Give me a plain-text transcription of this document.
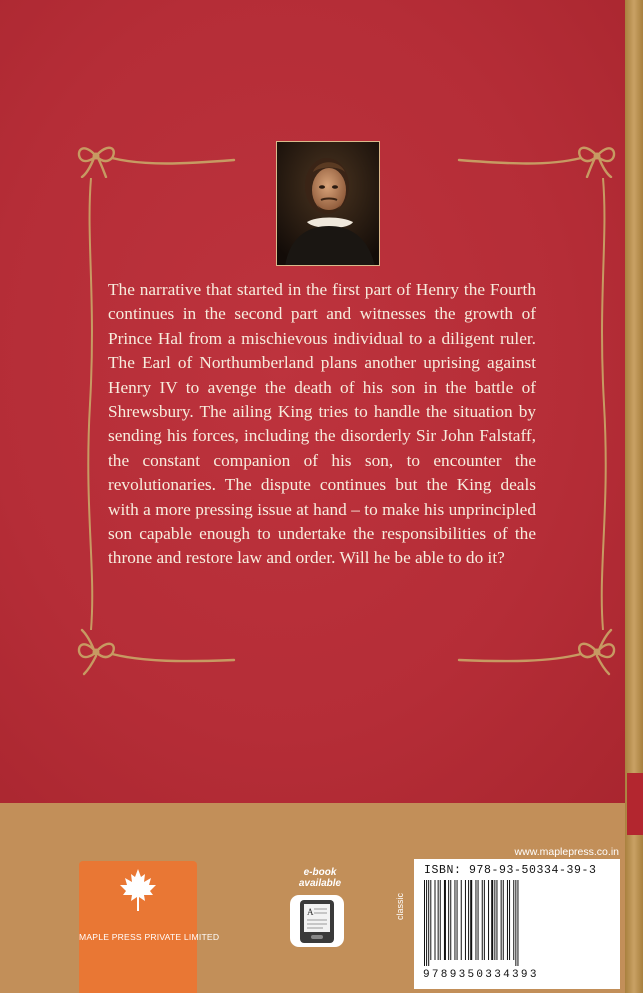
The narrative that started in the first part of Henry the Fourth continues in the second part and witnesses the growth of Prince Hal from a mischievous individual to a diligent ruler. The Earl of Northumberland plans another uprising against Henry IV to avenge the death of his son in the battle of Shrewsbury. The ailing King tries to handle the situation by sending his forces, including the disorderly Sir John Falstaff, the constant companion of his son, to encounter the revolutionaries. The dispute continues but the King deals with a more pressing issue at hand – to make his unprincipled son capable enough to undertake the responsibilities of the throne and restore law and order. Will he be able to do it?

MAPLE PRESS PRIVATE LIMITED
e-book
available
A
www.maplepress.co.in
classic
ISBN: 978-93-50334-39-3
9789350334393
